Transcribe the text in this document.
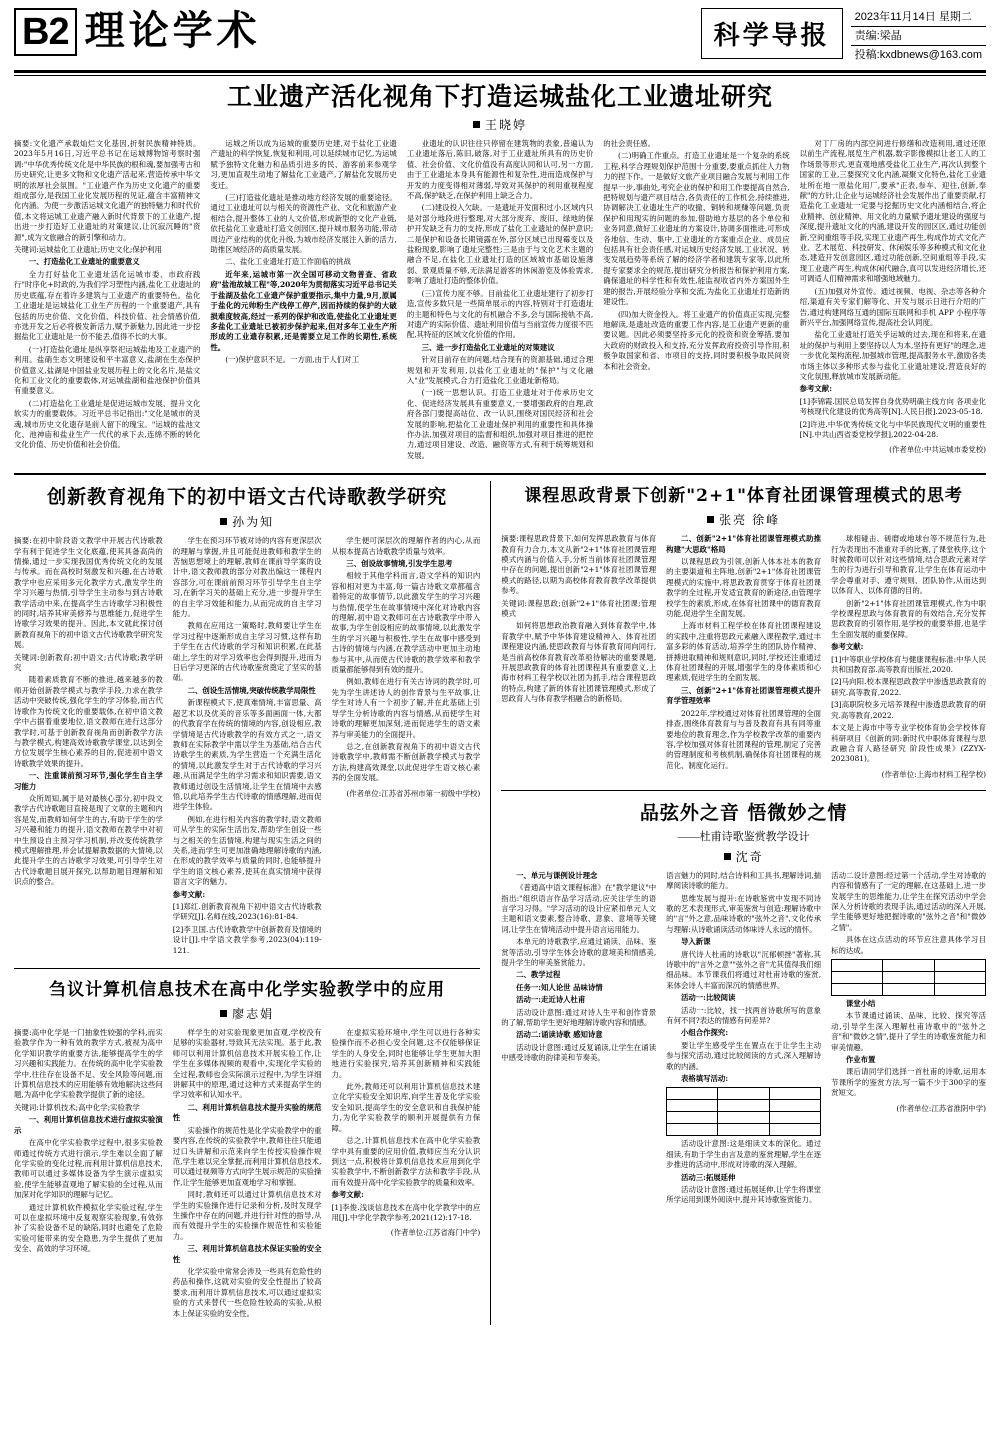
B2 理论学术	科学导报
2023年11月14日 星期二
责编:梁晶
投稿:kxdbnews@163.com
工业遗产活化视角下打造运城盐化工业遗址研究
王晓婷

摘要:文化遗产承载灿烂文化基因,折射民族精神特质。2023年5月16日,习近平总书记在运城博物馆考察时强调:"中华优秀传统文化是中华民族的根和魂,要加强考古和历史研究,让更多文物和文化遗产活起来,营造传承中华文明的浓厚社会氛围。"工业遗产作为历史文化遗产的重要组成部分,是我国工业化发展历程的见证,蕴含丰富精神文化内涵。为使一步激活运城文化遗产的独特魅力和时代价值,本文将运城工业遗产融入新时代背景下的工业遗产,提出进一步打造好工业遗址的对策建议,让沉寂沉睡的"资源",成为文旅融合的新引擎和动力。

关键词:运城盐化工业遗址;历史文化;保护利用

一、打造盐化工业遗址的重要意义

全力打好盐化工业遗址活化运城市委、市政府践行"时序化+时政的,为我们学习塑性内涵,盐化工业遗址的历史底蕴,存在着许多建筑与工业遗产的重要特色。盐化工业遗址是运城盐化工业生产历程的一个重要遗产,具有包括的历史价值、文化价值、科技价值、社会情感价值,亦选开发之后必将极发新活力,赋予新魅力,因此进一步挖掘盐化工业遗址是一份不能丢,值得不长的大事。

(一)打造盐化遗址是纵享祭祀运城盐地及工业遗产的利用。盐硝生态文明建设和平丰富意义,盐湖在生态保护价值意义,盐湖是中国盐业发展历程上的文化名片,是盐文化和工业文化的重要载体,对运城盐湖和盐池保护价值具有重要意义。

(二)打造盐化工业遗址是促进运城市发展、提升文化软实力的重要载体。习近平总书记指出:"文化是城市的灵魂,城市历史文化遗存是前人留下的瑰宝。"运城的盐池文化、池神庙和盐业生产一代代的承下去,连绵不断的转化文化价值、历史价值和社会价值。

运城之所以成为运城的重要历史建,对于盐化工业遗产遗址的科学恢复,恢复和利用,可以延续城市记忆,为运城赋予独特文化魅力和品质引进多的民、游客前来参观学习,更加直观生动地了解盐化工业遗产,了解盐化发展历史变迁。

(三)打造盐化遗址是推动地方经济发展的重要途径。通过工业遗址可以与相关的资源性产业、文化和旅游产业相结合,提升整体工业的人文价值,形成新型的文化产业链,依托盐化工业遗址打造文创园区,提升城市服务功能,带动周边产业结构的优化升级,为城市经济发展注入新的活力,助推区域经济的高质量发展。

二、盐化工业遗址打造工作面临的挑战

近年来,运城市第一次全国可移动文物普查、省政府"盐池故城工程"等,2020年为贯彻落实习近平总书记关于盐湖及盐化工业遗产保护重要指示,集中力量,9月,原属于盐化的元帅粉生产线停工停产,因而持续的保护的大破损难度较高,经过一系列的保护和改造,使盐化工业遗址更多盐化工业遗址已被初步保护起来,但对多年工业生产所形成的工业遗存积累,还是需要立足工作的长期性,系统性。

(一)保护意识不足。一方面,由于人们对工

业遗址的认识往往只停留在建筑物的表象,普遍认为工业遗址落后,陈旧,破落,对于工业遗址所具有的历史价值、社会价值、文化价值没有高度认同和认可,另一方面,由于工业遗址本身具有能源性和复杂性,进而造成保护与开发的力度变得相对薄弱,导致对其保护的利用重视程度不高,保护缺乏,在保护利用上缺乏合力。

(二)建设投入欠缺。一是遗址开发面积过小,区域内只是对部分地段进行整理,对大部分废弃、废旧、绿地的保护开发缺乏有力的支持,形成了盐化工业遗址的保护意识;二是保护和设备长期镜露在外,部分区域已出现霉变以及盐粉现象,影响了遗址完整性;三是由于与文化艺术主题的融合不足,在盐化工业遗址打造的区域城市基础设施薄弱、景观质量不够,无法满足游客的休闲游览及体验需求,影响了遗址打造的整体价值。

(三)宣传力度不够。目前盐化工业遗址建行了初步打造,宣传多数只是一些简单展示的内容,特别对于打造遗址的主题和特色与文化的有机融合不多,会与国际接轨不高,对遗产的实际价值、遗址利用价值与当前宣传力度很不匹配,其特征的区域文化价值的作用。

三、进一步打造盐化工业遗址的对策建议

针对目前存在的问题,结合现有的资源基础,通过合理规划和开发利用,以盐化工业遗址的"保护"与文化融入"业"发展模式,合力打造盐化工业遗址新格局。

(一)统一思想认识。打造工业遗址对于传承历史文化、促进经济发展具有重要意义,一要增强政府的自理,政府各部门要提高站位、改一认识,围绕对国民经济和社会发展的影响,把盐化工业遗址保护利用的重要性和具体操作办法,加强对项目的监督和组织,加强对项目推进的把控力,通过项目建设、改造、融资等方式,有利于统筹规划和发展。

的社会责任感。

(二)明确工作重点。打造工业遗址是一个复杂的系统工程,科学合理规划保护范围十分重要,要重点抓住人力物力的捏下作。一是做好文旅产业项目融合发展与利用工作提早一步,事曲处,考究企业的保护和用工作要提高自然合,把特规划与遗产项目结合,各负责任的工作机会,持续推进,协调解决工业遗址生产的收撤、铜转和规赚等问题,负责保护和用现实的问题的参加,借助地方基层的各个单位和业务同意,做好工业遗址的方案设计,协调多面推进,可形成各地信、生动、集中,工业遗址的方案重点企业、成员应包括具有社会责任感,对运城历史经济发展,工业状况、转变发展趋势等系统了解的经济学者和建筑专家等,以此所提专家要求全的规范,提出研究分析报告和保护利用方案,确保遗址的科学性和有效性,能监视收省内外方案国外生建的报告,开展经验分享和交流,为盐化工业遗址打造新的建设性。

(四)加大资金投入。将工业遗产的价值真正实现,完整地解读,是遗址改造的重要工作内容,是工业遗产更新的重要议题。因此必须要坚持多元化的投资和资金筹措,要加大政府的财政投入和支持,充分发挥政府投资引导作用,积极争取国家和省、市项目的支持,同时要积极争取民间资本和社会资金。

对丁厂房的内部空间进行修缮和改造利用,通过还原以前生产流程,展览生产机器,数字影像模拟让老工人的工作场景等形式,更直观地感受盐化工业生产,再次认到整个国家的工业,三要探究文化内涵,凝聚文化特色,盐化工业遗址所在地一原盐化用厂,要承"正表,参车、迎往,创新,奉献"的方针,让企业与运城经济社会发展作出了重要贡献,打造盐化工业遗址一定要与挖掘历史文化内涵相结合,将企业精神、创业精神、用文化的力量赋予遗址建设的强度与深度,提升遗址文化的内涵,建设开发的园区区,通过功能创新,空间重组等手段,实现工业遗产再生,构成作坊式文化产业、艺术展览、科技研发、休闲娱乐等多种模式和文化业态,建造开发创意园区,通过功能创新,空间重组等手段,实现工业遗产再生,构成休闲代融合,真可以发进经济增长,还可调适人们精神需求和增强地域魅力。

(五)加强对外宣传。通过视频、电视、杂志等各种介绍,渠道有关专家们解等化、开发与展示日进行介绍的广告,通过构建网络互通的国际互联网和手机 APP 小程序等新兴平台,加强网络宣传,提高社会认同度。

盐化工业遗址打造关乎运城的过去,现在和将来,在遗址的保护与利用上要坚持以人为本,坚持有更好"的理念,进一步优化架构流程,加强城市管理,提高服务水平,激励各类市场主体以多种形式参与盐化工业遗址建设,营造良好的文化氛围,释放城市发展新动能。

参考文献:

[1]李锦霞.国民总局发挥自身优势明确主线方向 各项业化考核现代化建设的优秀高等[N].人民日报].2023-05-18.

[2]许进.中华优秀传统文化与中华民族现代文明的重要性[N].中共山西省委党校学报],2022-04-28.

(作者单位:中共运城市委党校)
创新教育视角下的初中语文古代诗歌教学研究
孙为知

摘要:在初中阶段语文教学中开展古代诗歌教学有利于促进学生文化底蕴,使其具备高尚的情操,通过一步实现我国优秀传统文化的发展与传承。而在高校时刻激发和兴趣,在古诗歌教学中也应采用多元化教学方式,激发学生的学习兴趣与热情,引导学生主动参与到古诗歌教学活动中来,在提高学生古诗歌学习积极性的同时,培养其审美修养与思维能力,促进学生诗歌学习效果的提升。因此,本文就此探讨创新教育视角下的初中语文古代诗歌教学研究发展。

关键词:创新教育;初中语文;古代诗歌;教学研究

随着素质教育不断的推进,越来越多的教师开始创新教学模式与教学手段,力求在教学活动中突破传统,强化学生的学习体验,而古代诗歌作为传统文化的重要载体,在初中语文教学中占据着重要地位,语文教师在进行这部分教学时,可基于创新教育视角而创新教学方法与教学模式,构建高效诗歌教学课堂,以达到全方位发展学生核心素养的目的,促进初中语文诗歌教学效果的提升。

一、注重课前预习环节,强化学生自主学习能力

众所周知,属于是对最核心部分,初中段文教学古代诗歌题目直接是现了文章的主题和内容是发,而教师如何学生的古,有助于学生的学习兴趣和能力的提升,语文教师在教学中对初中生预设自主预习学习机制,并改变传统教学模式理解推理,并会试提解教数据的大情境,以此提升学生的古诗歌学习效果,可引导学生对古代诗歌题目展开探究,以帮助题目理解和知识点的整合。

学生在预习环节被对诗的内容有更深层次的理解与掌握,并且可能促进教师和教学生的苦恼思想境上的理解,教师在课前导学案的设计中,语文教师教的部分对教出编这一课程内容部分,可在课前前预习环节引导学生自主学习,在新学习关的基础上充分,进一步提升学生的自主学习效能和能力,从而完成的自主学习能力。

教师在应用这一策略时,教师要让学生在学习过程中逐渐形成自主学习习惯,这样有助于学生在古代诗歌的学习和知识积累,在此基础上,学生的对学习效率也会得到提升,进而为日后学习更深的古代诗歌鉴赏奠定了坚实的基础。

二、创设生活情境,突破传统教学局限性

新课程模式下,使真难情境,丰富思量、高超艺术以及优美的音乐等多面画面一体,大都的代教育学在传统的情境的内容,创设相应,教学情境是古代诗歌教学的有效方式之一,语文教师在实际教学中需以学生为基础,结合古代诗歌学生的素质,为学生营造一个充满生活化的情境,以此激发学生对于古代诗歌的学习兴趣,从而满足学生的学习需求和知识需要,语文教师通过创设生活情境,让学生在情境中去感悟,以此培养学生古代诗歌的情感理解,进而促进学生体验。

例如,在进行相关内容的教学时,语文教师可从学生的实际生活出发,帮助学生创设一些与之相关的生活情境,构建与现实生活之间的关系,进而学生可更加准确地理解诗歌的内涵,在形成的教学效率与质量的同时,也能够提升学生的语文核心素养,使其在真实情境中获得语言文字的魅力。

参考文献:

[1]郑红.创新教育视角下初中语文古代诗歌教学研究[J].名师在线,2023(16):81-84.

[2]李卫国.古代诗歌教学中创新教育及情境的设计[J].中学语文教学参考,2023(04):119-121.

学生便可深层次的理解作者的内心,从而从根本提高古诗歌教学质量与效率。

三、创设故事情境,引发学生思考

相较于其他学科而言,语文学科的知识内容和相对更为丰富,每一篇古诗歌文章都蕴含着特定的故事情节,以此激发学生的学习兴趣与热情,使学生在故事情境中深化对诗歌内容的理解,初中语文教师可在古诗歌教学中带入故事,为学生创设相应的故事情境,以此激发学生的学习兴趣与积极性,学生在故事中感受到古诗的情境与内涵,在教学活动中更加主动地参与其中,从而使古代诗歌的教学效率和教学质量都能够得到有效的提升。

例如,教师在进行有关古诗词的教学时,可先为学生讲述诗人的创作背景与生平故事,让学生对诗人有一个初步了解,并在此基础上引导学生分析诗歌的内容与情感,从而使学生对诗歌的理解更加深刻,进而促进学生的语文素养与审美能力的全面提升。

总之,在创新教育视角下的初中语文古代诗歌教学中,教师需不断创新教学模式与教学方法,构建高效课堂,以此促进学生语文核心素养的全面发展。

(作者单位:江苏省苏州市第一初级中学校)
刍议计算机信息技术在高中化学实验教学中的应用
廖志娟

摘要:高中化学是一门抽象性较强的学科,而实验教学作为一种有效的教学方式,被视为高中化学知识教学的重要方法,能够提高学生的学习兴趣和实践能力。在传统的高中化学实验教学中,往往存在设备不足、安全风险等问题,而计算机信息技术的应用能够有效地解决这些问题,为高中化学实验教学提供了新的途径。

关键词:计算机技术;高中化学;实验教学

一、利用计算机信息技术进行虚拟实验演示

在高中化学实验教学过程中,很多实验教师通过传统方式进行演示,学生难以全面了解化学实验的变化过程,而利用计算机信息技术,教师可以通过多媒体设备为学生演示虚拟实验,使学生能够直观地了解实验的全过程,从而加深对化学知识的理解与记忆。

通过计算机软件模拟化学实验过程,学生可以在虚拟环境中反复观察实验现象,有效弥补了实验设备不足的缺陷,同时也避免了危险实验可能带来的安全隐患,为学生提供了更加安全、高效的学习环境。

样学生的对实验现象更加直观,学校没有足够的实验器材,导致其无法实现。基于此,教师可以利用计算机信息技术开展实验工作,让学生在多媒体视频的观看中,实现化学实验的全过程,教师也会实际演示过程中,为学生详细讲解其中的原理,通过这种方式来提高学生的学习效率和认知水平。

二、利用计算机信息技术提升实验的规范性

实验操作的规范性是化学实验教学中的重要内容,在传统的实验教学中,教师往往只能通过口头讲解和示范来向学生传授实验操作规范,学生难以完全掌握,而利用计算机信息技术,可以通过视频等方式向学生展示规范的实验操作,让学生能够更加直观地学习和掌握。

同时,教师还可以通过计算机信息技术对学生的实验操作进行记录和分析,及时发现学生操作中存在的问题,并进行针对性的指导,从而有效提升学生的实验操作规范性和实验能力。

三、利用计算机信息技术保证实验的安全性

化学实验中常常会涉及一些具有危险性的药品和操作,这就对实验的安全性提出了较高要求,而利用计算机信息技术,可以通过虚拟实验的方式来替代一些危险性较高的实验,从根本上保证实验的安全性。

在虚拟实验环境中,学生可以进行各种实验操作而不必担心安全问题,这不仅能够保证学生的人身安全,同时也能够让学生更加大胆地进行实验探究,培养其创新精神和实践能力。

此外,教师还可以利用计算机信息技术建立化学实验安全知识库,向学生普及化学实验安全知识,提高学生的安全意识和自我保护能力,为化学实验教学的顺利开展提供有力保障。

总之,计算机信息技术在高中化学实验教学中具有重要的应用价值,教师应当充分认识到这一点,积极将计算机信息技术应用到化学实验教学中,不断创新教学方法和教学手段,从而有效提升高中化学实验教学的质量和效率。

参考文献:

[1]李俊.浅谈信息技术在高中化学教学中的应用[J].中学化学教学参考,2021(12):17-18.

(作者单位:江苏省海门中学)
课程思政背景下创新"2+1"体育社团课管理模式的思考
张亮 徐峰

摘要:课程思政背景下,如何发挥思政教育与体育教育有力合力,本文从新"2+1"体育社团课管理模式内涵与价值入手,分析当前体育社团课管理中存在的问题,提出创新"2+1"体育社团课管理模式的路径,以期为高校体育教育教学改革提供参考。

关键词:课程思政;创新"2+1"体育社团课;管理模式

如何将思想政治教育融入到体育教学中,体育教学中,赋予中华体育建设精神入、体育社团课程建设内涵,使思政教育与体育教育同向同行,是当前高校体育教育改革亟待解决的重要课题,开展思政教育的体育社团课程具有重要意义,上海市材料工程学校以社团为抓手,结合课程思政的特点,构建了新的体育社团课管理模式,形成了思政育人与体育教学相融合的新格局。

二、创新"2+1"体育社团课管理模式助推构建"大思政"格局

以课程思政为引领,创新人体本社本的教育的主要渠道和主阵地,创新"2+1"体育社团课管理模式的实施中,将思政教育贯穿于体育社团课教学的全过程,开发适宜教育的新途径,由管理学校学生的素质,形成,在体育社团课中的德育教育功能,促进学生全面发展。

上海市材料工程学校在体育社团课程建设的实践中,注重将思政元素融入课程教学,通过丰富多彩的体育活动,培养学生的团队协作精神、拼搏进取精神和规则意识,同时,学校还注重通过体育社团课程的开展,增强学生的身体素质和心理素质,促进学生的全面发展。

三、创新"2+1"体育社团课管理模式提升育学管理效率

2022年,学校通过对体育社团课管理的全面排查,围绕体育教育与与普及教育有具有同等重要地位的教育理念,作为学校教学改革的重要内容,学校加强对体育社团课程的管理,制定了完善的管理制度和考核机制,确保体育社团课程的规范化、制度化运行。

球相碰击、磋磨或地球台等不规范行为,赴行为表现出不准重对手的比赛,了课堂秩序,这个时候教师可以针对这些情境,结合思政元素对学生的行为进行引导和教育,让学生在体育运动中学会尊重对手、遵守规则、团队协作,从而达到以体育人、以体育德的目的。

创新"2+1"体育社团课管理模式,作为中职学校课程思政与体育教育的有效结合,充分发挥思政教育的引领作用,是学校的重要举措,也是学生全面发展的重要保障。

参考文献:

[1]中等职业学校体育与健康课程标准:中华人民共和国教育部.高等教育出版社,2020.

[2]马向阳.校本课程思政教学中渗透思政教育的研究.高等教育,2022.

[3]高职院校多元培养课程中渗透思政教育的研究.高等教育,2022.

本文是上海市中等专业学校体育协会学校体育科研项目《创新的同:新时代中职体育课程与思政融合育人路径研究 阶段性成果》(ZZYX-2023081)。

(作者单位:上海市材料工程学校)
品弦外之音 悟微妙之情
——杜甫诗歌鉴赏教学设计
沈奇

一、单元与课例设计理念

《普通高中语文课程标准》在"教学建议"中指出:"组织语言作品学习活动,应关注学生的语言学习习得。"学习活动的设计应紧扣单元人文主题和语文要素,整合诗歌、意象、意境等关键词,让学生在情境活动中提升语言运用能力。

本单元的诗歌教学,应通过诵读、品味、鉴赏等活动,引导学生体会诗歌的意境美和情感美,提升学生的审美鉴赏能力。

二、教学过程

任务一:知人论世 品味诗情

活动一:走近诗人杜甫

活动设计意图:通过对诗人生平和创作背景的了解,帮助学生更好地理解诗歌内容和情感。

活动二:诵读诗歌 感知诗意

活动设计意图:通过反复诵读,让学生在诵读中感受诗歌的韵律美和节奏美。

语言魅力的同时,结合诗料和工具书,理解诗词,揣摩阅读诗歌的能力。

思维发展与提升:在诗歌鉴赏中发现不同诗歌的艺术表现形式,审美鉴赏与创造:理解诗歌中的"言"外之意,品味诗歌的"弦外之音",文化传承与理解:从诗歌诵读活动体味诗人永远的情怀。

导入新课

唐代诗人杜甫的诗歌以"沉郁顿挫"著称,其诗歌中的"言外之意""弦外之音"尤其值得我们细细品味。本节课我们将通过对杜甫诗歌的鉴赏,来体会诗人丰富而深沉的情感世界。

活动一:比较阅读

活动一:比较，找一找两首诗歌所写的意象有何不同?表达的情感有何差异?

小组合作探究:

要让学生感受学生在置点在于让学生主动参与探究活动,通过比较阅读的方式,深入理解诗歌的内涵。

表格填写活动:

活动设计意图:这是细读文本的深化。通过细读,有助于学生由言及意的鉴赏理解,学生在逐步推进的活动中,形成对诗歌的深入理解。

活动三:拓展延伸

活动设计意图:通过拓展延伸,让学生将课堂所学运用到课外阅读中,提升其诗歌鉴赏能力。

活动二设计意图:经过第一个活动,学生对诗歌的内容和情感有了一定的理解,在这基础上,进一步发展学生的思维能力,让学生在探究活动中学会深入分析诗歌的表现手法,通过活动的深入开展,学生能够更好地把握诗歌的"弦外之音"和"微妙之情"。

具体在这点活动的环节应注意具体学习目标的达成。

课堂小结

本节课通过诵读、品味、比较、探究等活动,引导学生深入理解杜甫诗歌中的"弦外之音"和"微妙之情",提升了学生的诗歌鉴赏能力和审美情趣。

作业布置

课后请同学们选择一首杜甫的诗歌,运用本节课所学的鉴赏方法,写一篇不少于300字的鉴赏短文。

(作者单位:江苏省淮阴中学)
